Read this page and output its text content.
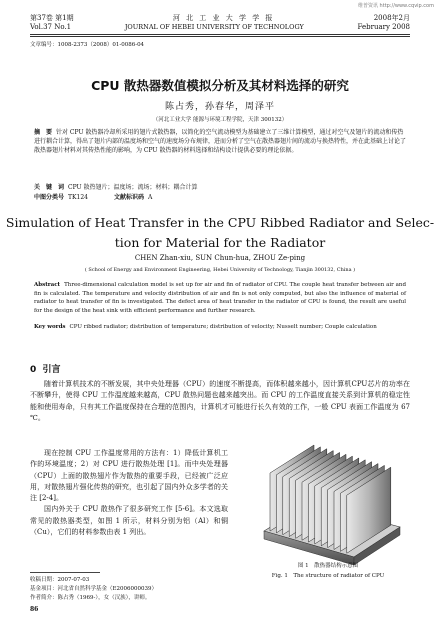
维普资讯 http://www.cqvip.com
第37卷 第1期	河 北 工 业 大 学 学 报	2008年2月
Vol.37 No.1	JOURNAL OF HEBEI UNIVERSITY OF TECHNOLOGY	February 2008
文章编号：1008-2373（2008）01-0086-04
CPU 散热器数值模拟分析及其材料选择的研究
陈占秀，孙春华，周泽平
（河北工业大学 能源与环境工程学院，天津 300132）
摘　要 针对 CPU 散热器冷却所采用的翅片式散热器，以简化的空气流动模型为基础建立了三维计算模型，通过对空气及翅片的流动和传热进行耦合计算，得出了翅片内部的温度场和空气的速度场分布规律，进而分析了空气在散热器翅片间的流动与换热特性，并在此基础上讨论了散热器翅片材料对其传热性能的影响，为 CPU 散热器的材料选择和结构设计提供必要的理论依据。
关　键　词 CPU 散热翅片；温度场；流场；材料；耦合计算
中图分类号 TK124	文献标识码 A
Simulation of Heat Transfer in the CPU Ribbed Radiator and Selec-
tion for Material for the Radiator
CHEN Zhan-xiu, SUN Chun-hua, ZHOU Ze-ping
( School of Energy and Environment Engineering, Hebei University of Technology, Tianjin 300132, China )
Abstract Three-dimensional calculation model is set up for air and fin of radiator of CPU. The couple heat transfer between air and fin is calculated. The temperature and velocity distribution of air and fin is not only computed, but also the influence of material of radiator to heat transfer of fin is investigated. The defect area of heat transfer in the radiator of CPU is found, the result are useful for the design of the heat sink with efficient performance and further research.
Key words CPU ribbed radiator; distribution of temperature; distribution of velocity; Nusselt number; Couple calculation
0 引言

随着计算机技术的不断发展，其中央处理器（CPU）的速度不断提高，而体积越来越小，因计算机CPU芯片的功率在不断攀升，使得 CPU 工作温度越来越高，CPU 散热问题也越来越突出。而 CPU 的工作温度直接关系到计算机的稳定性能和使用寿命，只有其工作温度保持在合理的范围内，计算机才可能进行长久有效的工作，一般 CPU 表面工作温度为 67 ℃。

现在控制 CPU 工作温度常用的方法有：1）降低计算机工作的环境温度；2）对 CPU 进行散热处理 [1]。而中央处理器（CPU）上面的散热翅片作为散热的重要手段，已经被广泛应用，对散热翅片强化传热的研究，也引起了国内外众多学者的关注 [2-4]。

国内外关于 CPU 散热作了很多研究工作 [5-6]。本文选取常见的散热器类型，如图 1 所示，材料分别为铝（Al）和铜（Cu），它们的材料参数由表 1 列出。

图 1　散热器结构示意图
Fig. 1　The structure of radiator of CPU
收稿日期：2007-07-03
基金项目：河北省自然科学基金（E2006000039）
作者简介：陈占秀（1969-），女（汉族），讲师。
86
